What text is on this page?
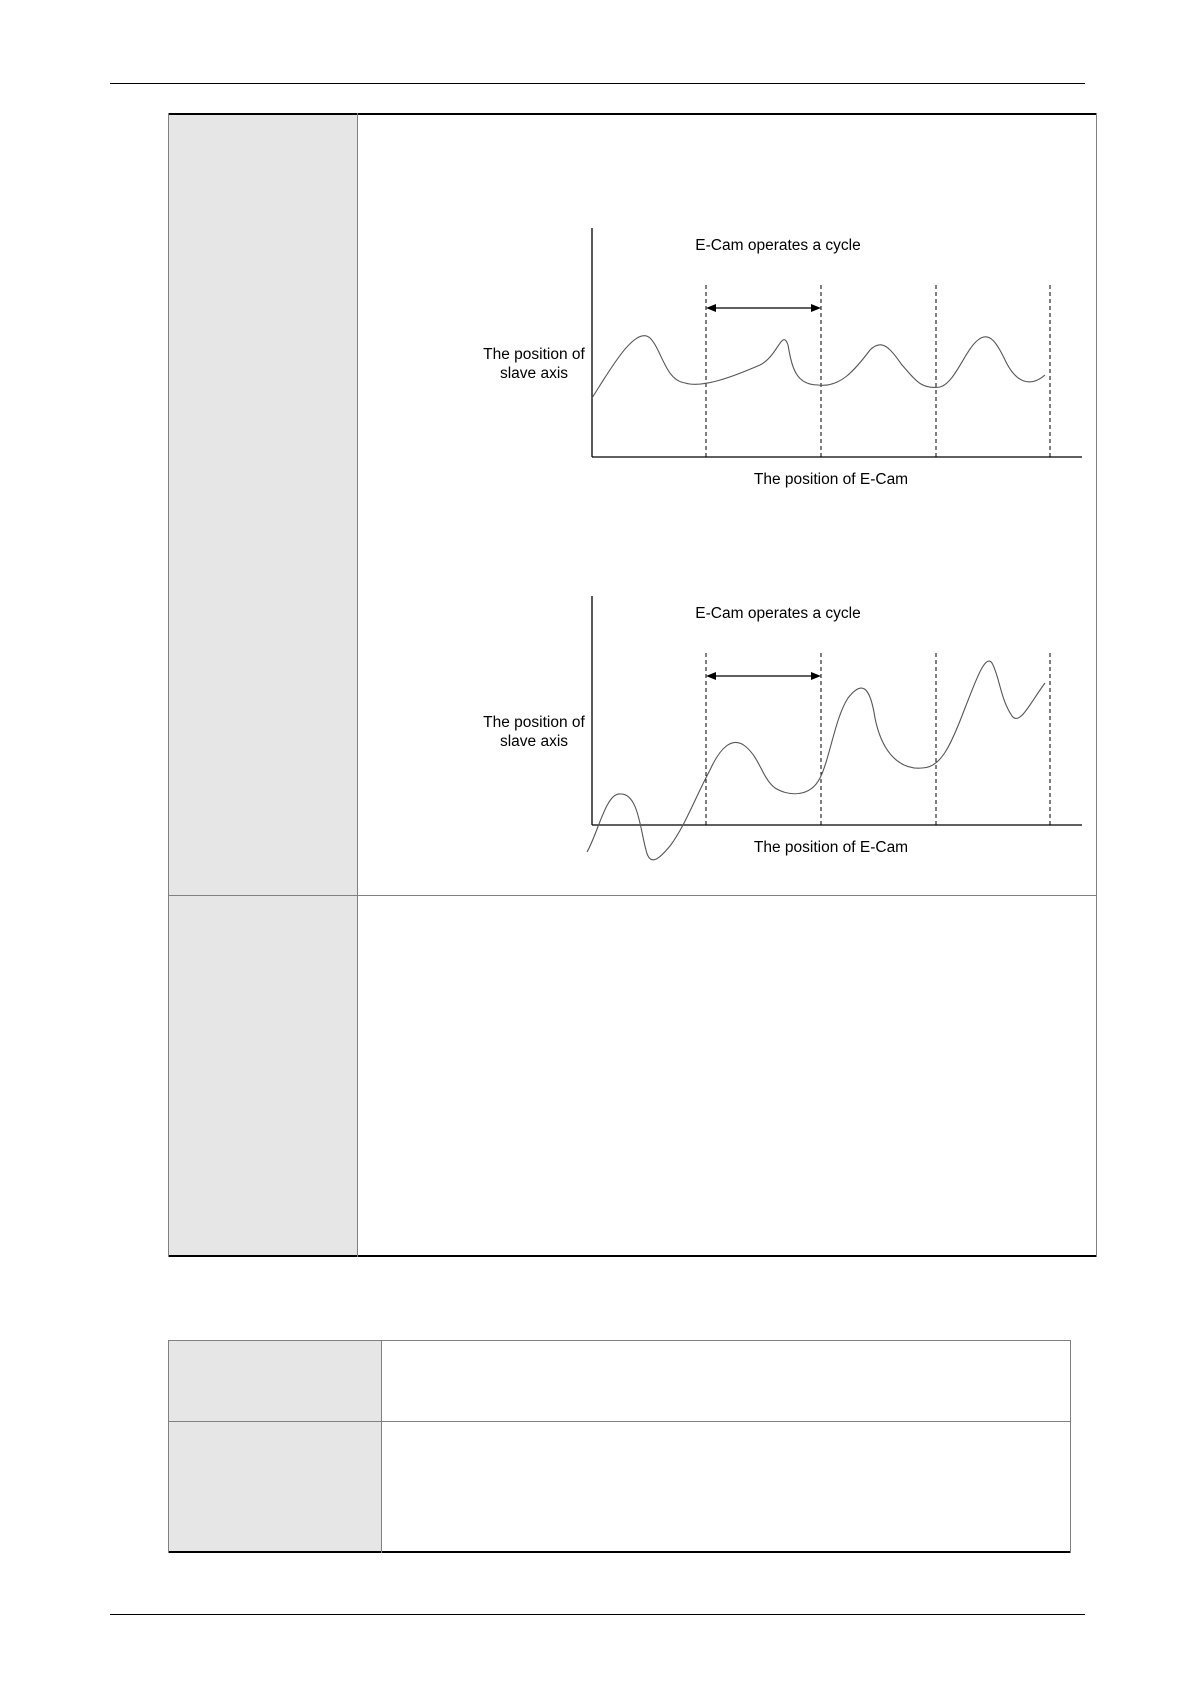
E-Cam operates a cycle
The position of
slave axis
The position of E-Cam
E-Cam operates a cycle
The position of
slave axis
The position of E-Cam
